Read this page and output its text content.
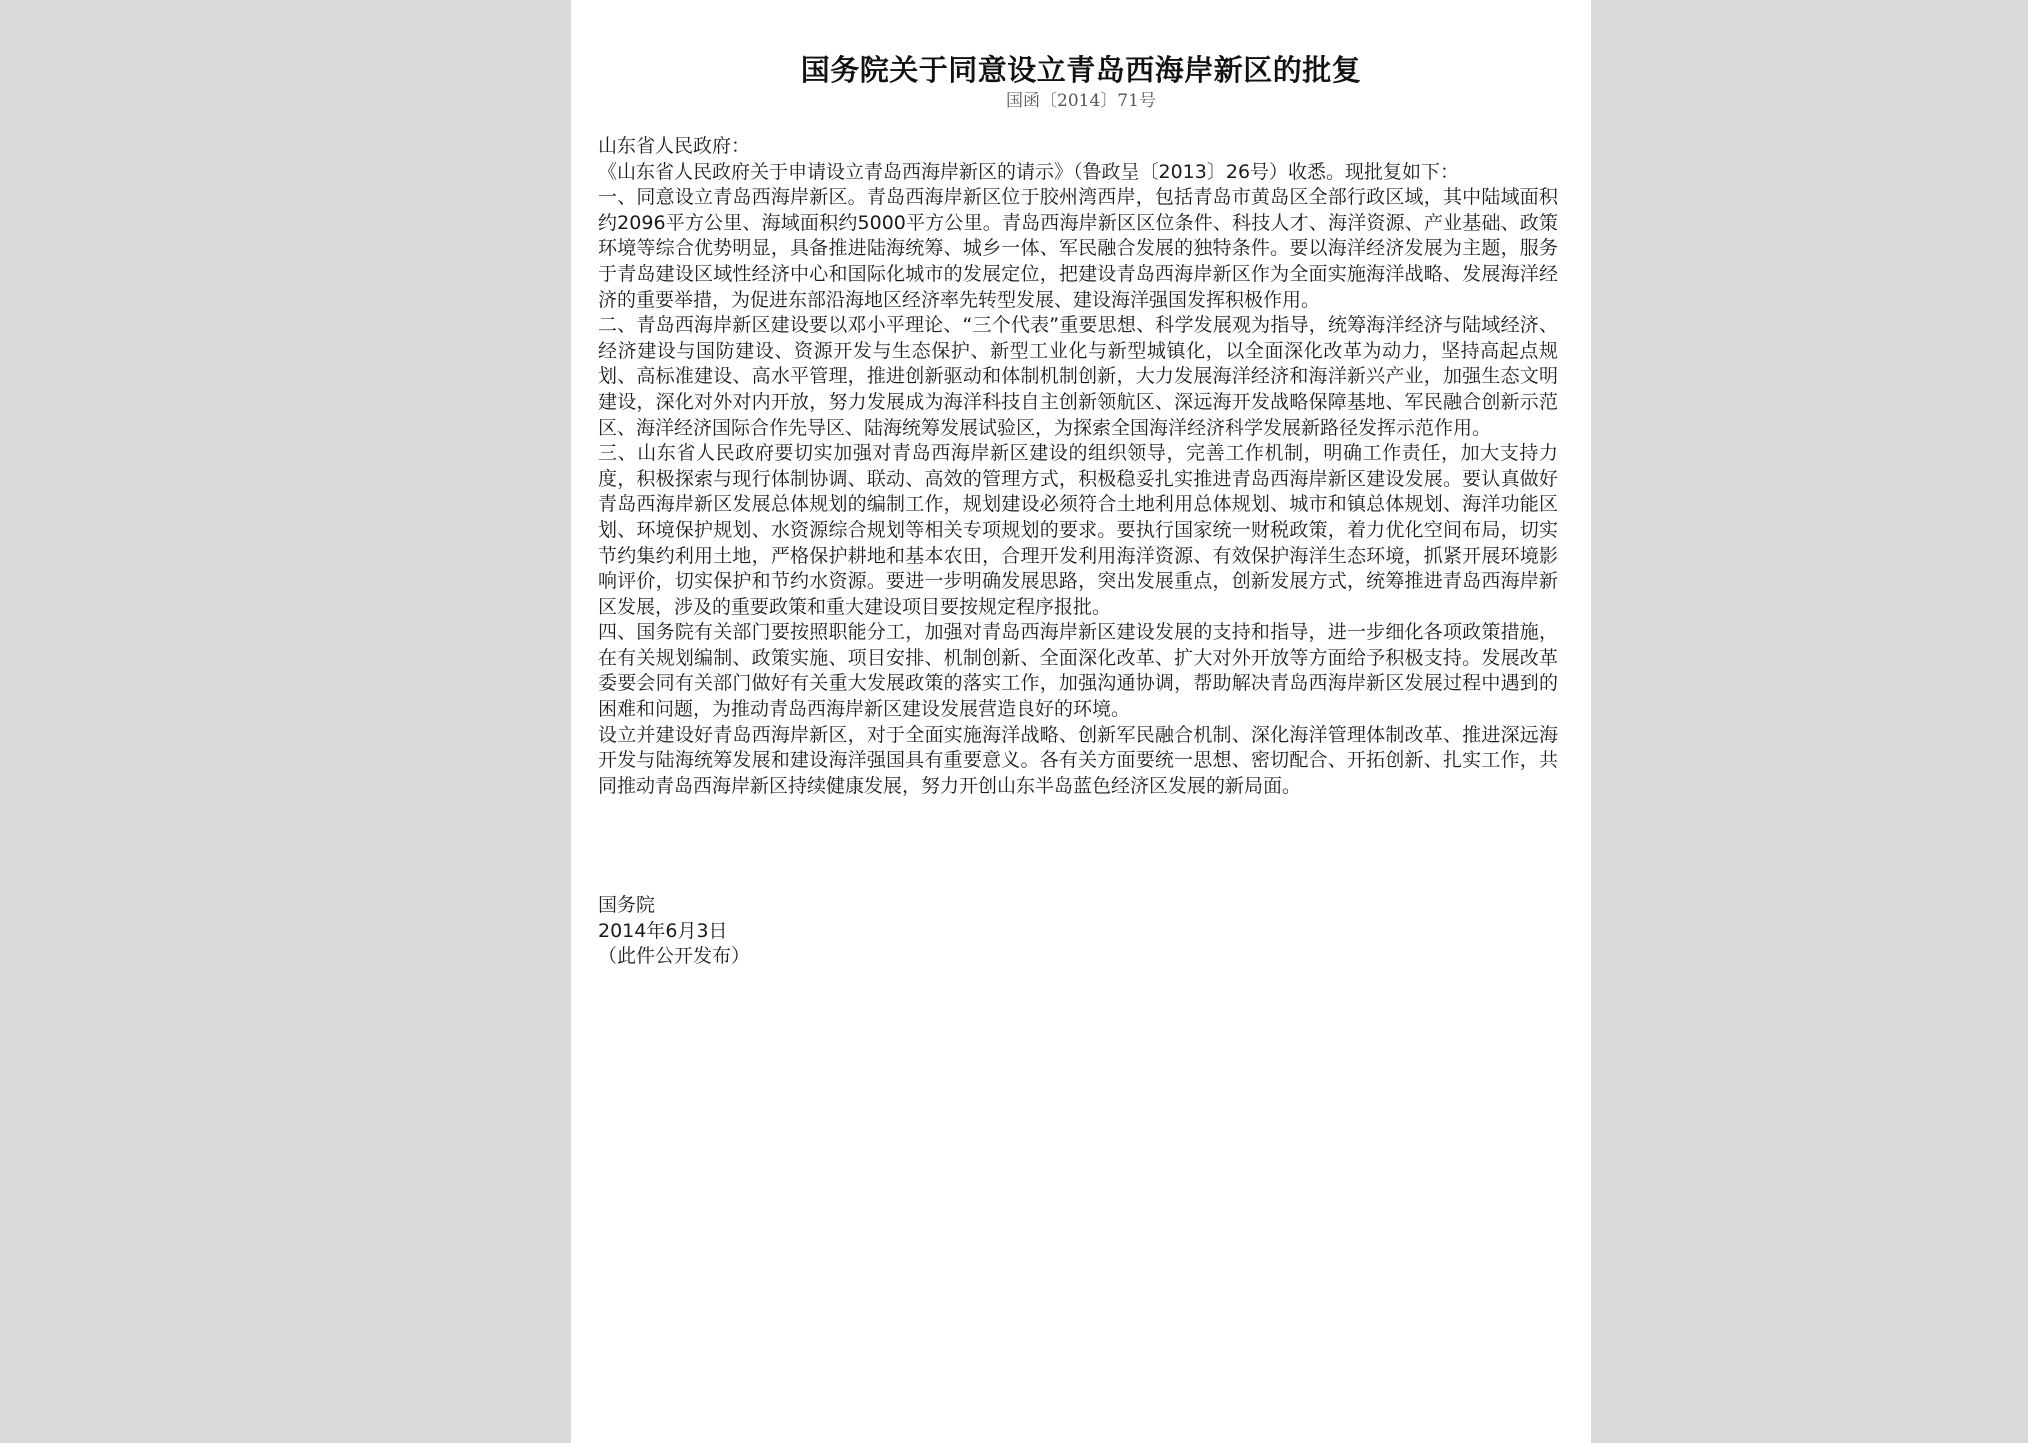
国务院关于同意设立青岛西海岸新区的批复
国函〔2014〕71号

山东省人民政府：

《山东省人民政府关于申请设立青岛西海岸新区的请示》（鲁政呈〔2013〕26号）收悉。现批复如下：

一、同意设立青岛西海岸新区。青岛西海岸新区位于胶州湾西岸，包括青岛市黄岛区全部行政区域，其中陆域面积约2096平方公里、海域面积约5000平方公里。青岛西海岸新区区位条件、科技人才、海洋资源、产业基础、政策环境等综合优势明显，具备推进陆海统筹、城乡一体、军民融合发展的独特条件。要以海洋经济发展为主题，服务于青岛建设区域性经济中心和国际化城市的发展定位，把建设青岛西海岸新区作为全面实施海洋战略、发展海洋经济的重要举措，为促进东部沿海地区经济率先转型发展、建设海洋强国发挥积极作用。

二、青岛西海岸新区建设要以邓小平理论、“三个代表”重要思想、科学发展观为指导，统筹海洋经济与陆域经济、经济建设与国防建设、资源开发与生态保护、新型工业化与新型城镇化，以全面深化改革为动力，坚持高起点规划、高标准建设、高水平管理，推进创新驱动和体制机制创新，大力发展海洋经济和海洋新兴产业，加强生态文明建设，深化对外对内开放，努力发展成为海洋科技自主创新领航区、深远海开发战略保障基地、军民融合创新示范区、海洋经济国际合作先导区、陆海统筹发展试验区，为探索全国海洋经济科学发展新路径发挥示范作用。

三、山东省人民政府要切实加强对青岛西海岸新区建设的组织领导，完善工作机制，明确工作责任，加大支持力度，积极探索与现行体制协调、联动、高效的管理方式，积极稳妥扎实推进青岛西海岸新区建设发展。要认真做好青岛西海岸新区发展总体规划的编制工作，规划建设必须符合土地利用总体规划、城市和镇总体规划、海洋功能区划、环境保护规划、水资源综合规划等相关专项规划的要求。要执行国家统一财税政策，着力优化空间布局，切实节约集约利用土地，严格保护耕地和基本农田，合理开发利用海洋资源、有效保护海洋生态环境，抓紧开展环境影响评价，切实保护和节约水资源。要进一步明确发展思路，突出发展重点，创新发展方式，统筹推进青岛西海岸新区发展，涉及的重要政策和重大建设项目要按规定程序报批。

四、国务院有关部门要按照职能分工，加强对青岛西海岸新区建设发展的支持和指导，进一步细化各项政策措施，在有关规划编制、政策实施、项目安排、机制创新、全面深化改革、扩大对外开放等方面给予积极支持。发展改革委要会同有关部门做好有关重大发展政策的落实工作，加强沟通协调，帮助解决青岛西海岸新区发展过程中遇到的困难和问题，为推动青岛西海岸新区建设发展营造良好的环境。

设立并建设好青岛西海岸新区，对于全面实施海洋战略、创新军民融合机制、深化海洋管理体制改革、推进深远海开发与陆海统筹发展和建设海洋强国具有重要意义。各有关方面要统一思想、密切配合、开拓创新、扎实工作，共同推动青岛西海岸新区持续健康发展，努力开创山东半岛蓝色经济区发展的新局面。

国务院
2014年6月3日
（此件公开发布）
